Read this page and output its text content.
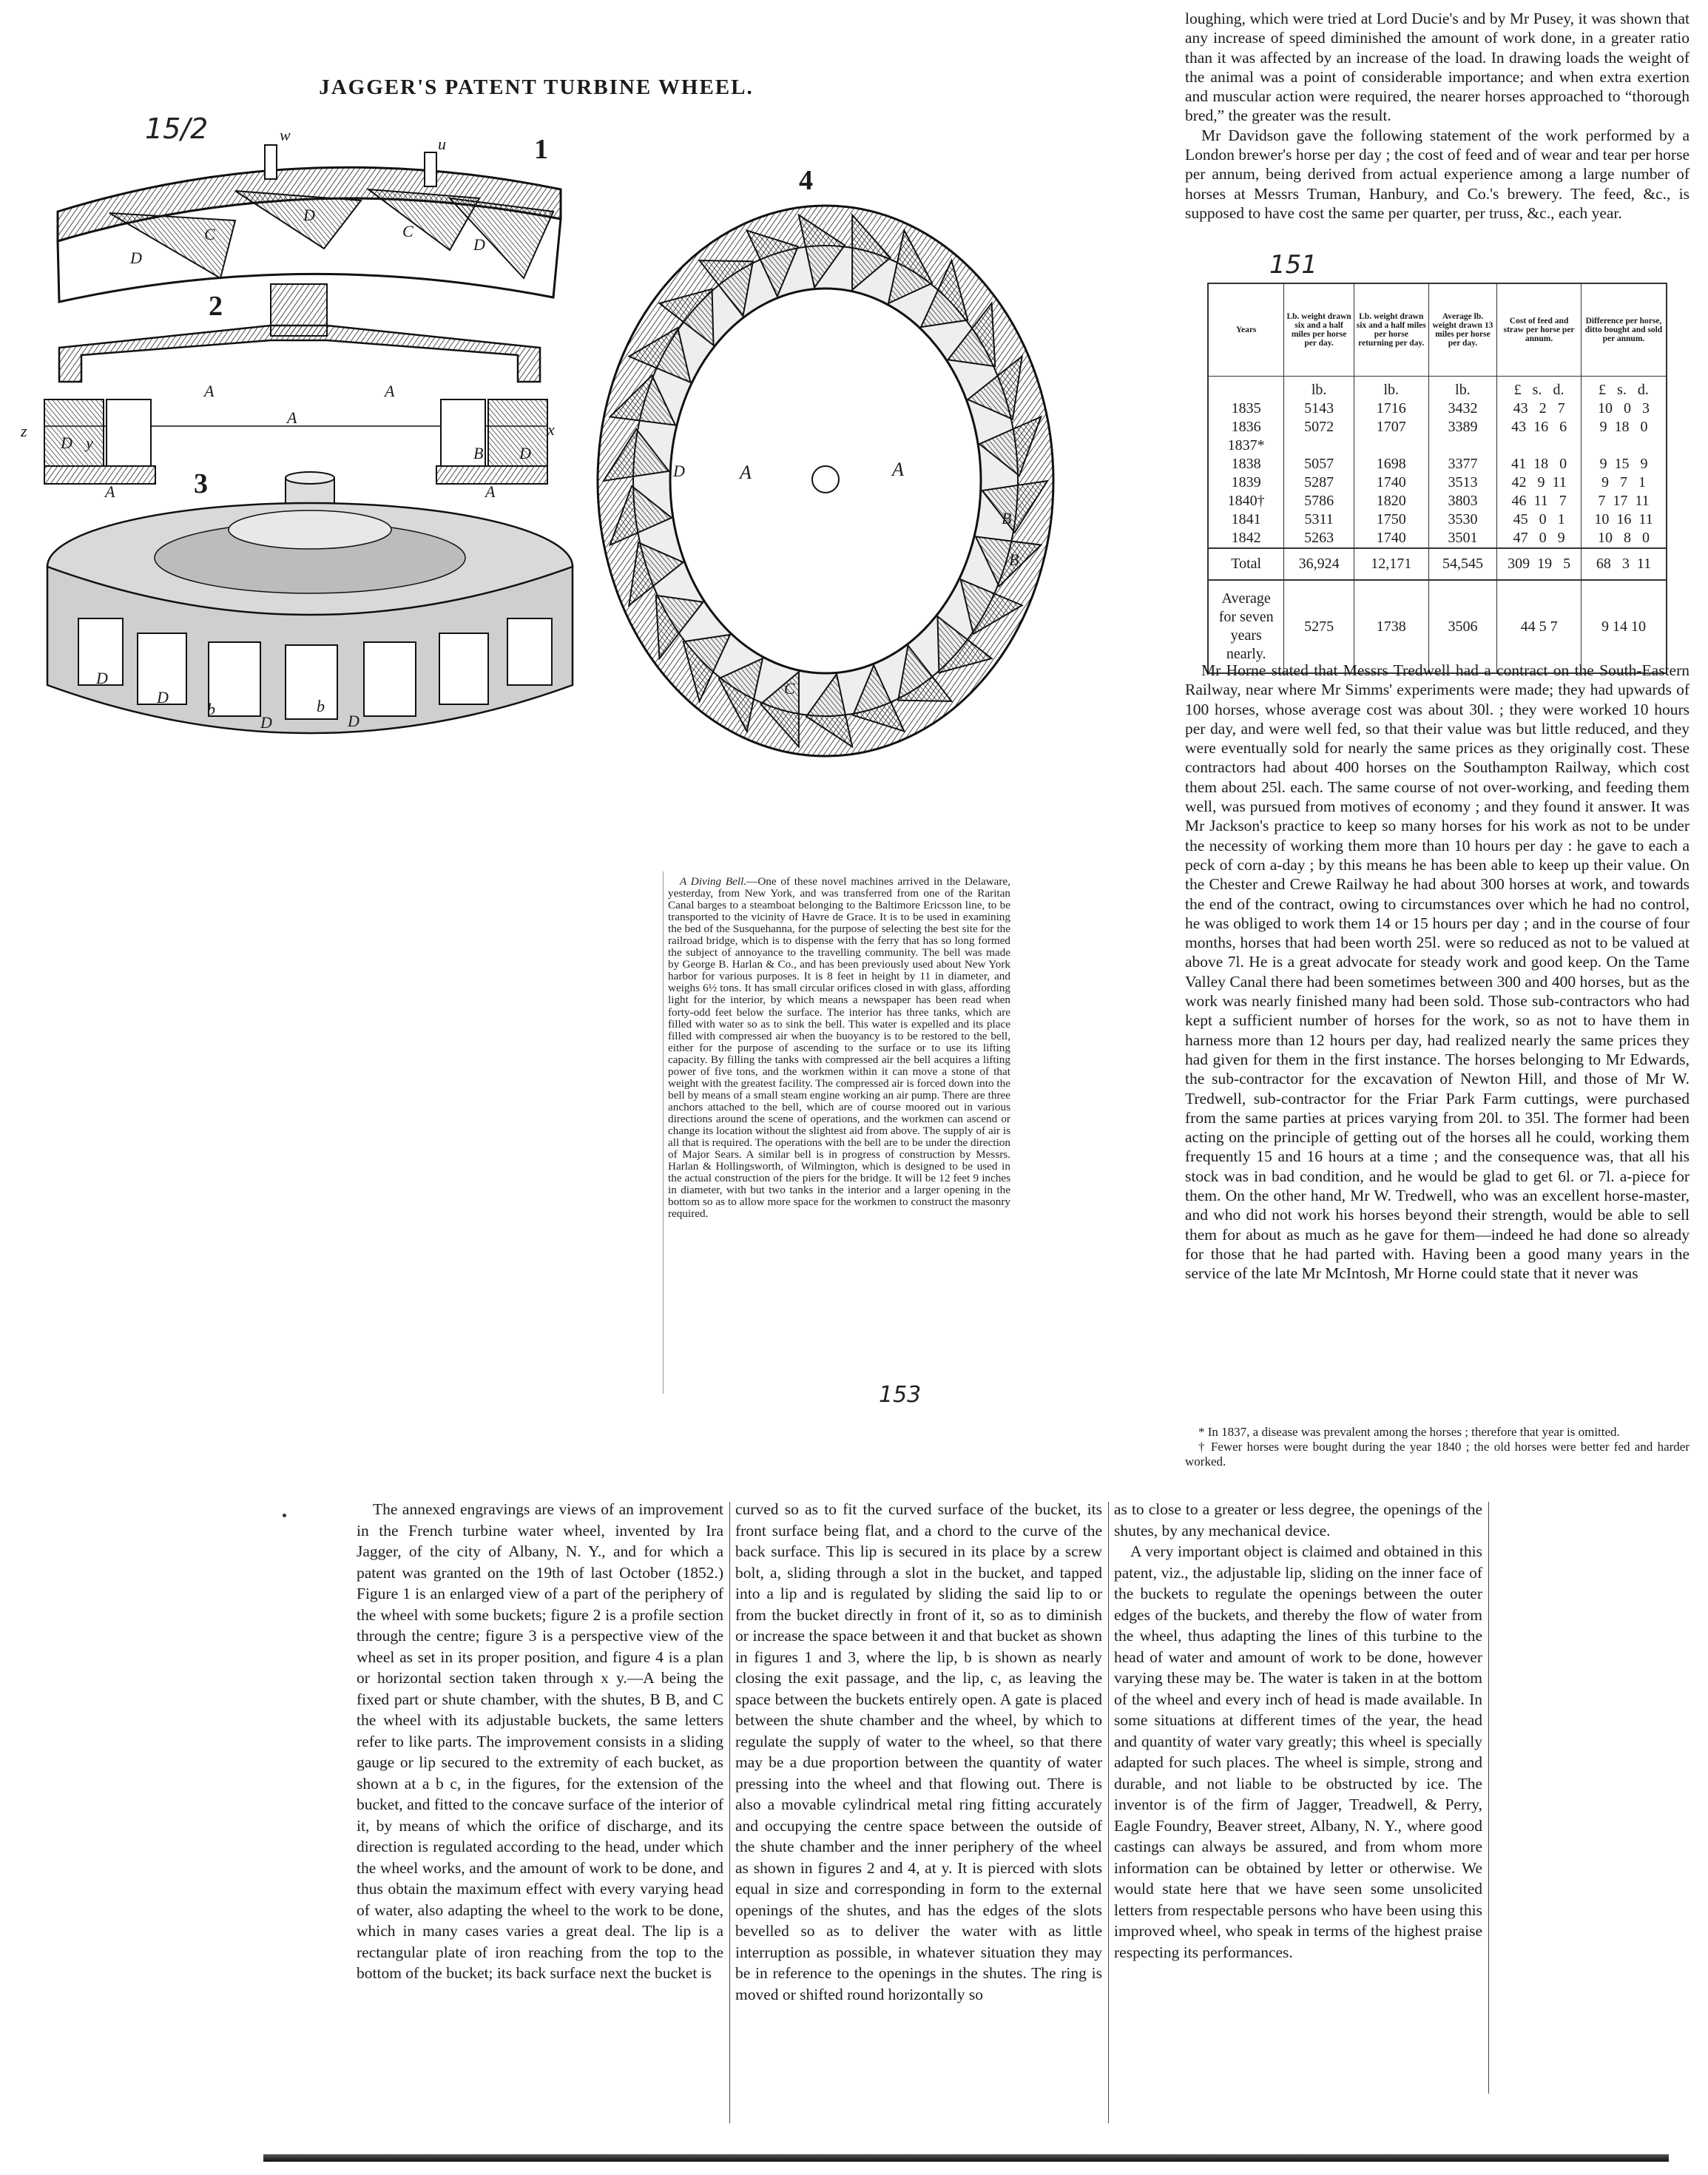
JAGGER'S PATENT TURBINE WHEEL.
15/2
151
153
1
2
3
4
w	u
D
C
D
D
C
A	A
A
D y
B D
x
A	A
z
D
D
b
D
b
D
A	A
B
C
D
B

loughing, which were tried at Lord Ducie's and by Mr Pusey, it was shown that any increase of speed diminished the amount of work done, in a greater ratio than it was affected by an increase of the load. In drawing loads the weight of the animal was a point of considerable importance; and when extra exertion and muscular action were required, the nearer horses approached to “thorough bred,” the greater was the result.

Mr Davidson gave the following statement of the work performed by a London brewer's horse per day ; the cost of feed and of wear and tear per horse per annum, being derived from actual experience among a large number of horses at Messrs Truman, Hanbury, and Co.'s brewery. The feed, &c., is supposed to have cost the same per quarter, per truss, &c., each year.

Years	Lb. weight drawn six and a half miles per horse per day.	Lb. weight drawn six and a half miles per horse returning per day.	Average lb. weight drawn 13 miles per horse per day.	Cost of feed and straw per horse per annum.	Difference per horse, ditto bought and sold per annum.
	lb.	lb.	lb.	£   s.   d.	£   s.   d.
1835	5143	1716	3432	43   2   7	10   0   3
1836	5072	1707	3389	43  16   6	9  18   0
1837*					
1838	5057	1698	3377	41  18   0	9  15   9
1839	5287	1740	3513	42   9  11	9   7   1
1840†	5786	1820	3803	46  11   7	7  17  11
1841	5311	1750	3530	45   0   1	10  16  11
1842	5263	1740	3501	47   0   9	10   8   0
Total	36,924	12,171	54,545	309  19   5	68   3  11
Average for seven years nearly.	5275	1738	3506	44 5 7	9 14 10

Mr Horne stated that Messrs Tredwell had a contract on the South-Eastern Railway, near where Mr Simms' experiments were made; they had upwards of 100 horses, whose average cost was about 30l. ; they were worked 10 hours per day, and were well fed, so that their value was but little reduced, and they were eventually sold for nearly the same prices as they originally cost. These contractors had about 400 horses on the Southampton Railway, which cost them about 25l. each. The same course of not over-working, and feeding them well, was pursued from motives of economy ; and they found it answer. It was Mr Jackson's practice to keep so many horses for his work as not to be under the necessity of working them more than 10 hours per day : he gave to each a peck of corn a-day ; by this means he has been able to keep up their value. On the Chester and Crewe Railway he had about 300 horses at work, and towards the end of the contract, owing to circumstances over which he had no control, he was obliged to work them 14 or 15 hours per day ; and in the course of four months, horses that had been worth 25l. were so reduced as not to be valued at above 7l. He is a great advocate for steady work and good keep. On the Tame Valley Canal there had been sometimes between 300 and 400 horses, but as the work was nearly finished many had been sold. Those sub-contractors who had kept a sufficient number of horses for the work, so as not to have them in harness more than 12 hours per day, had realized nearly the same prices they had given for them in the first instance. The horses belonging to Mr Edwards, the sub-contractor for the excavation of Newton Hill, and those of Mr W. Tredwell, sub-contractor for the Friar Park Farm cuttings, were purchased from the same parties at prices varying from 20l. to 35l. The former had been acting on the principle of getting out of the horses all he could, working them frequently 15 and 16 hours at a time ; and the consequence was, that all his stock was in bad condition, and he would be glad to get 6l. or 7l. a-piece for them. On the other hand, Mr W. Tredwell, who was an excellent horse-master, and who did not work his horses beyond their strength, would be able to sell them for about as much as he gave for them—indeed he had done so already for those that he had parted with. Having been a good many years in the service of the late Mr McIntosh, Mr Horne could state that it never was

* In 1837, a disease was prevalent among the horses ; therefore that year is omitted.

† Fewer horses were bought during the year 1840 ; the old horses were better fed and harder worked.

A Diving Bell.—One of these novel machines arrived in the Delaware, yesterday, from New York, and was transferred from one of the Raritan Canal barges to a steamboat belonging to the Baltimore Ericsson line, to be transported to the vicinity of Havre de Grace. It is to be used in examining the bed of the Susquehanna, for the purpose of selecting the best site for the railroad bridge, which is to dispense with the ferry that has so long formed the subject of annoyance to the travelling community. The bell was made by George B. Harlan & Co., and has been previously used about New York harbor for various purposes. It is 8 feet in height by 11 in diameter, and weighs 6½ tons. It has small circular orifices closed in with glass, affording light for the interior, by which means a newspaper has been read when forty-odd feet below the surface. The interior has three tanks, which are filled with water so as to sink the bell. This water is expelled and its place filled with compressed air when the buoyancy is to be restored to the bell, either for the purpose of ascending to the surface or to use its lifting capacity. By filling the tanks with compressed air the bell acquires a lifting power of five tons, and the workmen within it can move a stone of that weight with the greatest facility. The compressed air is forced down into the bell by means of a small steam engine working an air pump. There are three anchors attached to the bell, which are of course moored out in various directions around the scene of operations, and the workmen can ascend or change its location without the slightest aid from above. The supply of air is all that is required. The operations with the bell are to be under the direction of Major Sears. A similar bell is in progress of construction by Messrs. Harlan & Hollingsworth, of Wilmington, which is designed to be used in the actual construction of the piers for the bridge. It will be 12 feet 9 inches in diameter, with but two tanks in the interior and a larger opening in the bottom so as to allow more space for the workmen to construct the masonry required.

The annexed engravings are views of an improvement in the French turbine water wheel, invented by Ira Jagger, of the city of Albany, N. Y., and for which a patent was granted on the 19th of last October (1852.) Figure 1 is an enlarged view of a part of the periphery of the wheel with some buckets; figure 2 is a profile section through the centre; figure 3 is a perspective view of the wheel as set in its proper position, and figure 4 is a plan or horizontal section taken through x y.—A being the fixed part or shute chamber, with the shutes, B B, and C the wheel with its adjustable buckets, the same letters refer to like parts. The improvement consists in a sliding gauge or lip secured to the extremity of each bucket, as shown at a b c, in the figures, for the extension of the bucket, and fitted to the concave surface of the interior of it, by means of which the orifice of discharge, and its direction is regulated according to the head, under which the wheel works, and the amount of work to be done, and thus obtain the maximum effect with every varying head of water, also adapting the wheel to the work to be done, which in many cases varies a great deal. The lip is a rectangular plate of iron reaching from the top to the bottom of the bucket; its back surface next the bucket is

curved so as to fit the curved surface of the bucket, its front surface being flat, and a chord to the curve of the back surface. This lip is secured in its place by a screw bolt, a, sliding through a slot in the bucket, and tapped into a lip and is regulated by sliding the said lip to or from the bucket directly in front of it, so as to diminish or increase the space between it and that bucket as shown in figures 1 and 3, where the lip, b is shown as nearly closing the exit passage, and the lip, c, as leaving the space between the buckets entirely open. A gate is placed between the shute chamber and the wheel, by which to regulate the supply of water to the wheel, so that there may be a due proportion between the quantity of water pressing into the wheel and that flowing out. There is also a movable cylindrical metal ring fitting accurately and occupying the centre space between the outside of the shute chamber and the inner periphery of the wheel as shown in figures 2 and 4, at y. It is pierced with slots equal in size and corresponding in form to the external openings of the shutes, and has the edges of the slots bevelled so as to deliver the water with as little interruption as possible, in whatever situation they may be in reference to the openings in the shutes. The ring is moved or shifted round horizontally so

as to close to a greater or less degree, the openings of the shutes, by any mechanical device.

A very important object is claimed and obtained in this patent, viz., the adjustable lip, sliding on the inner face of the buckets to regulate the openings between the outer edges of the buckets, and thereby the flow of water from the wheel, thus adapting the lines of this turbine to the head of water and amount of work to be done, however varying these may be. The water is taken in at the bottom of the wheel and every inch of head is made available. In some situations at different times of the year, the head and quantity of water vary greatly; this wheel is specially adapted for such places. The wheel is simple, strong and durable, and not liable to be obstructed by ice. The inventor is of the firm of Jagger, Treadwell, & Perry, Eagle Foundry, Beaver street, Albany, N. Y., where good castings can always be assured, and from whom more information can be obtained by letter or otherwise. We would state here that we have seen some unsolicited letters from respectable persons who have been using this improved wheel, who speak in terms of the highest praise respecting its performances.
